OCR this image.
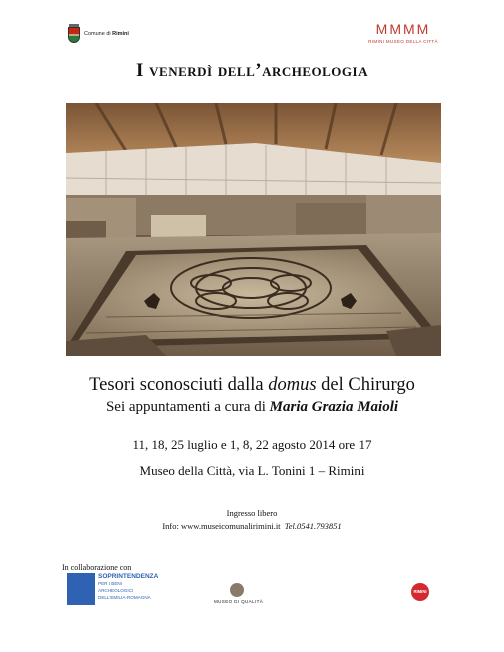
Comune di Rimini	MMMM
RIMINI MUSEO DELLA CITTÀ
I venerdì dell’archeologia
Tesori sconosciuti dalla domus del Chirurgo
Sei appuntamenti a cura di Maria Grazia Maioli
11, 18, 25 luglio e 1, 8, 22 agosto 2014 ore 17
Museo della Città, via L. Tonini 1 – Rimini
Ingresso libero
Info: www.museicomunalirimini.it Tel.0541.793851
In collaborazione con
MiBAC
SOPRINTENDENZA
PER I BENI
ARCHEOLOGICI
DELL'EMILIA-ROMAGNA
MUSEO DI QUALITÀ
RIMINI
